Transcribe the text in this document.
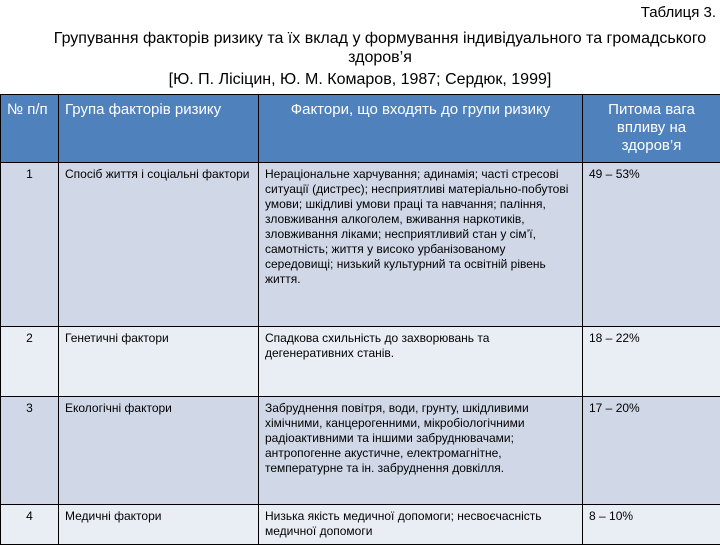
Таблиця 3.
Групування факторів ризику та їх вклад у формування індивідуального та громадського здоров’я
[Ю. П. Лісіцин, Ю. М. Комаров, 1987; Сердюк, 1999]
№ п/п	Група факторів ризику	Фактори, що входять до групи ризику	Питома вага впливу на здоров’я
1	Спосіб життя і соціальні фактори	Нераціональне харчування; адинамія; часті стресові ситуації (дистрес); несприятливі матеріально-побутові умови; шкідливі умови праці та навчання; паління, зловживання алкоголем, вживання наркотиків, зловживання ліками; несприятливий стан у сім’ї, самотність; життя у високо урбанізованому середовищі; низький культурний та освітній рівень життя.	49 – 53%
2	Генетичні фактори	Спадкова схильність до захворювань та дегенеративних станів.	18 – 22%
3	Екологічні фактори	Забруднення повітря, води, грунту, шкідливими хімічними, канцерогенними, мікробіологічними радіоактивними та іншими забруднювачами; антропогенне акустичне, електромагнітне, температурне та ін. забруднення довкілля.	17 – 20%
4	Медичні фактори	Низька якість медичної допомоги; несвоєчасність медичної допомоги	8 – 10%
